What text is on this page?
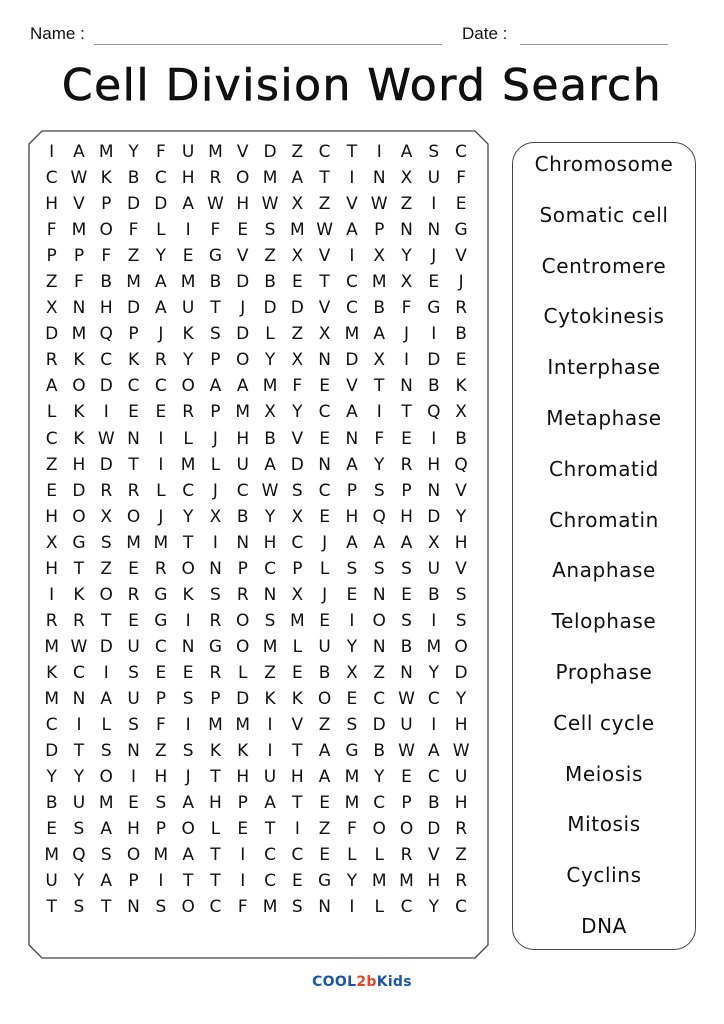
Name :	Date :
Cell Division Word Search
I	A M Y	F U M V D Z C T	I	A S C
C W K B C H R O M A T	I	N X U F
H V P D D A W H W X Z V W Z	I	E
F M O F	L	I	F	E S M W A P N N G
P	P	F Z Y E G V Z X V	I	X Y	J	V
Z F B M A M B D B E T C M X E	J
X N H D A U T	J	D D V C B F G R
D M Q P	J	K S D L Z X M A	J	I	B
R K C K R Y P O Y X N D X	I	D E
A O D C C O A A M F	E V T N B K
L K	I	E E R P M X Y C A	I	T Q X
C K W N	I	L	J	H B V E N F	E	I	B
Z H D T	I	M L U A D N A Y R H Q
E D R R L C	J	C W S C P S P N V
H O X O	J	Y X B Y X E H Q H D Y
X G S M M T	I	N H C	J	A A A X H
H T Z E R O N P C P	L	S S S U V
I	K O R G K S R N X	J	E N E B S
R R T E G	I	R O S M E	I	O S	I	S
M W D U C N G O M L U Y N B M O
K C	I	S E E R L Z E B X Z N Y D
M N A U P S P D K K O E C W C Y
C	I	L	S	F	I	M M	I	V Z S D U	I	H
D T S N Z S K K	I	T A G B W A W
Y Y O	I	H	J	T H U H A M Y E C U
B U M E S A H P A T E M C P B H
E S A H P O L	E T	I	Z F O O D R
M Q S O M A T	I	C C E	L	L R V Z
U Y A P	I	T T	I	C E G Y M M H R
T S T N S O C F M S N	I	L C Y C
Chromosome
Somatic cell
Centromere
Cytokinesis
Interphase
Metaphase
Chromatid
Chromatin
Anaphase
Telophase
Prophase
Cell cycle
Meiosis
Mitosis
Cyclins
DNA
COOL2bKids
